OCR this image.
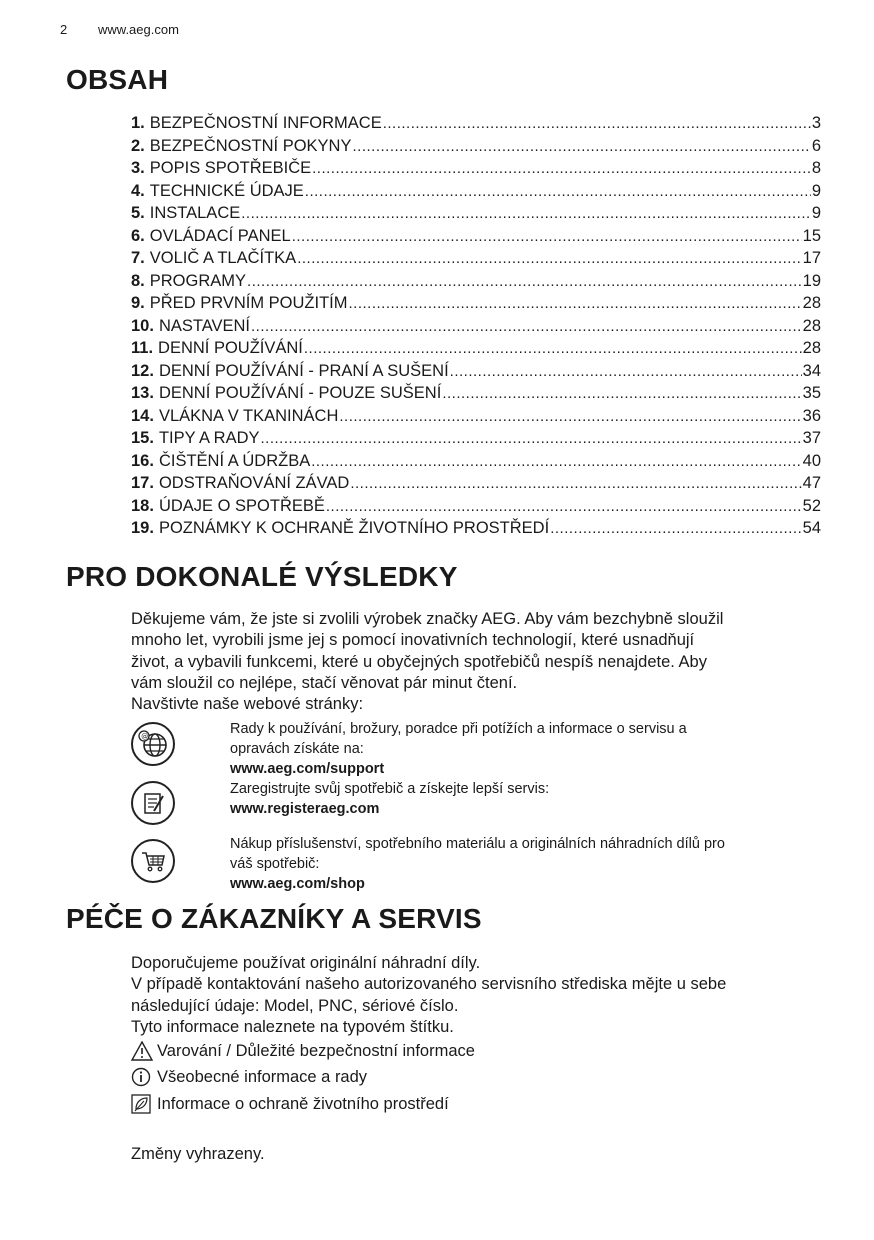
2 www.aeg.com
OBSAH
1. BEZPEČNOSTNÍ INFORMACE .....	3
2. BEZPEČNOSTNÍ POKYNY .....	6
3. POPIS SPOTŘEBIČE .....	8
4. TECHNICKÉ ÚDAJE .....	9
5. INSTALACE .....	9
6. OVLÁDACÍ PANEL .....	15
7. VOLIČ A TLAČÍTKA .....	17
8. PROGRAMY .....	19
9. PŘED PRVNÍM POUŽITÍM .....	28
10. NASTAVENÍ .....	28
11. DENNÍ POUŽÍVÁNÍ .....	28
12. DENNÍ POUŽÍVÁNÍ - PRANÍ A SUŠENÍ .....	34
13. DENNÍ POUŽÍVÁNÍ - POUZE SUŠENÍ .....	35
14. VLÁKNA V TKANINÁCH .....	36
15. TIPY A RADY .....	37
16. ČIŠTĚNÍ A ÚDRŽBA .....	40
17. ODSTRAŇOVÁNÍ ZÁVAD .....	47
18. ÚDAJE O SPOTŘEBĚ .....	52
19. POZNÁMKY K OCHRANĚ ŽIVOTNÍHO PROSTŘEDÍ .....	54
PRO DOKONALÉ VÝSLEDKY
Děkujeme vám, že jste si zvolili výrobek značky AEG. Aby vám bezchybně sloužil
mnoho let, vyrobili jsme jej s pomocí inovativních technologií, které usnadňují
život, a vybavili funkcemi, které u obyčejných spotřebičů nespíš nenajdete. Aby
vám sloužil co nejlépe, stačí věnovat pár minut čtení.
Navštivte naše webové stránky:
@	Rady k používání, brožury, poradce při potížích a informace o servisu a
opravách získáte na:
www.aeg.com/support
Zaregistrujte svůj spotřebič a získejte lepší servis:
www.registeraeg.com
Nákup příslušenství, spotřebního materiálu a originálních náhradních dílů pro
váš spotřebič:
www.aeg.com/shop
PÉČE O ZÁKAZNÍKY A SERVIS
Doporučujeme používat originální náhradní díly.
V případě kontaktování našeho autorizovaného servisního střediska mějte u sebe
následující údaje: Model, PNC, sériové číslo.
Tyto informace naleznete na typovém štítku.
Varování / Důležité bezpečnostní informace
Všeobecné informace a rady
Informace o ochraně životního prostředí
Změny vyhrazeny.
